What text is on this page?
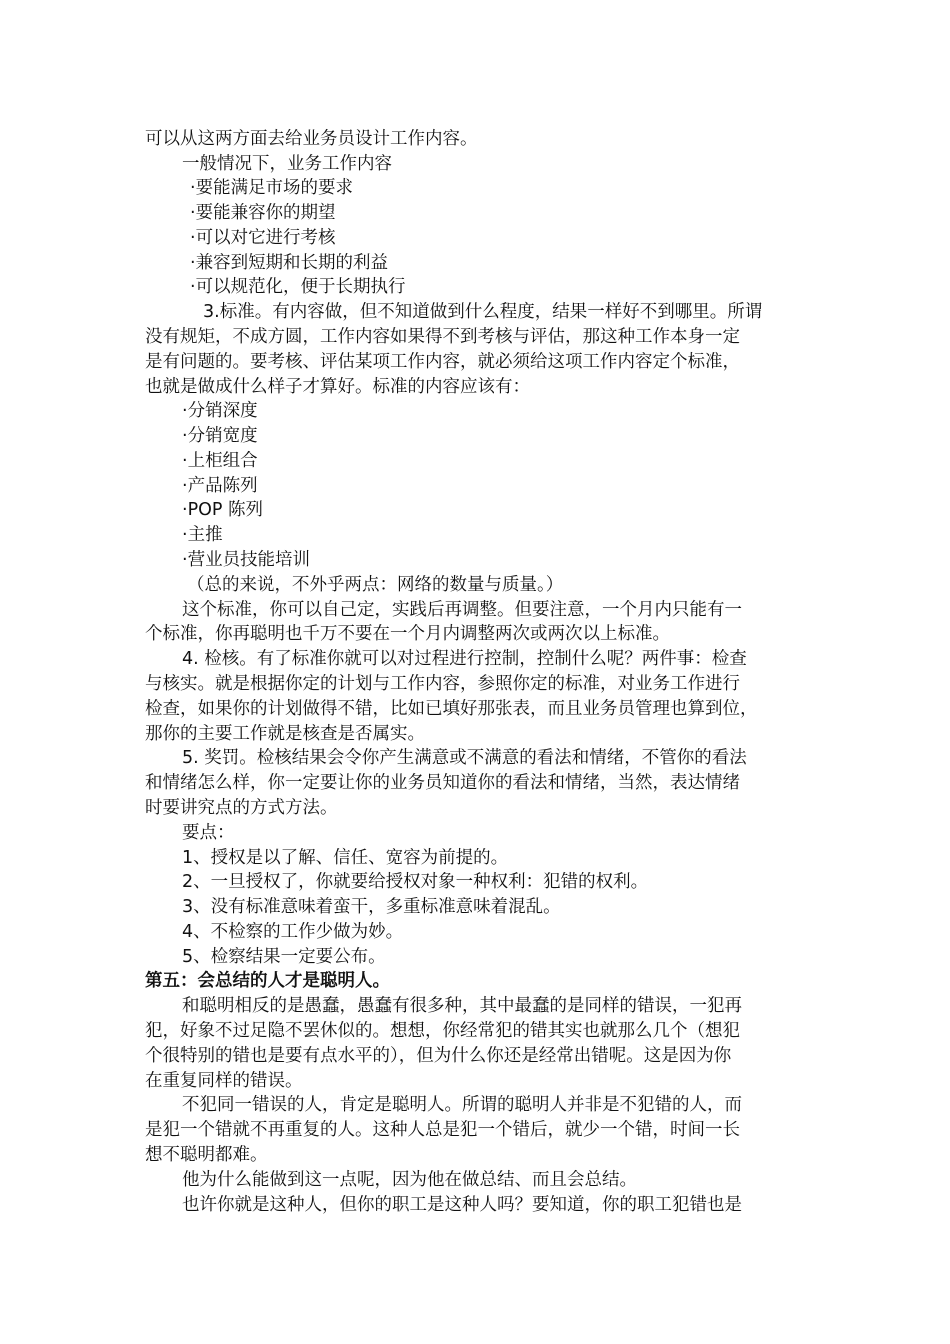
可以从这两方面去给业务员设计工作内容。

一般情况下，业务工作内容

·要能满足市场的要求

·要能兼容你的期望

·可以对它进行考核

·兼容到短期和长期的利益

·可以规范化，便于长期执行

3.标准。有内容做，但不知道做到什么程度，结果一样好不到哪里。所谓

没有规矩，不成方圆，工作内容如果得不到考核与评估，那这种工作本身一定

是有问题的。要考核、评估某项工作内容，就必须给这项工作内容定个标准，

也就是做成什么样子才算好。标准的内容应该有：

·分销深度

·分销宽度

·上柜组合

·产品陈列

·POP 陈列

·主推

·营业员技能培训

（总的来说，不外乎两点：网络的数量与质量。）

这个标准，你可以自己定，实践后再调整。但要注意，一个月内只能有一

个标准，你再聪明也千万不要在一个月内调整两次或两次以上标准。

4. 检核。有了标准你就可以对过程进行控制，控制什么呢？两件事：检查

与核实。就是根据你定的计划与工作内容，参照你定的标准，对业务工作进行

检查，如果你的计划做得不错，比如已填好那张表，而且业务员管理也算到位，

那你的主要工作就是核查是否属实。

5. 奖罚。检核结果会令你产生满意或不满意的看法和情绪，不管你的看法

和情绪怎么样，你一定要让你的业务员知道你的看法和情绪，当然，表达情绪

时要讲究点的方式方法。

要点：

1、授权是以了解、信任、宽容为前提的。

2、一旦授权了，你就要给授权对象一种权利：犯错的权利。

3、没有标准意味着蛮干，多重标准意味着混乱。

4、不检察的工作少做为妙。

5、检察结果一定要公布。

第五：会总结的人才是聪明人。

和聪明相反的是愚蠢，愚蠢有很多种，其中最蠢的是同样的错误，一犯再

犯，好象不过足隐不罢休似的。想想，你经常犯的错其实也就那么几个（想犯

个很特别的错也是要有点水平的），但为什么你还是经常出错呢。这是因为你

在重复同样的错误。

不犯同一错误的人，肯定是聪明人。所谓的聪明人并非是不犯错的人，而

是犯一个错就不再重复的人。这种人总是犯一个错后，就少一个错，时间一长

想不聪明都难。

他为什么能做到这一点呢，因为他在做总结、而且会总结。

也许你就是这种人，但你的职工是这种人吗？要知道，你的职工犯错也是
